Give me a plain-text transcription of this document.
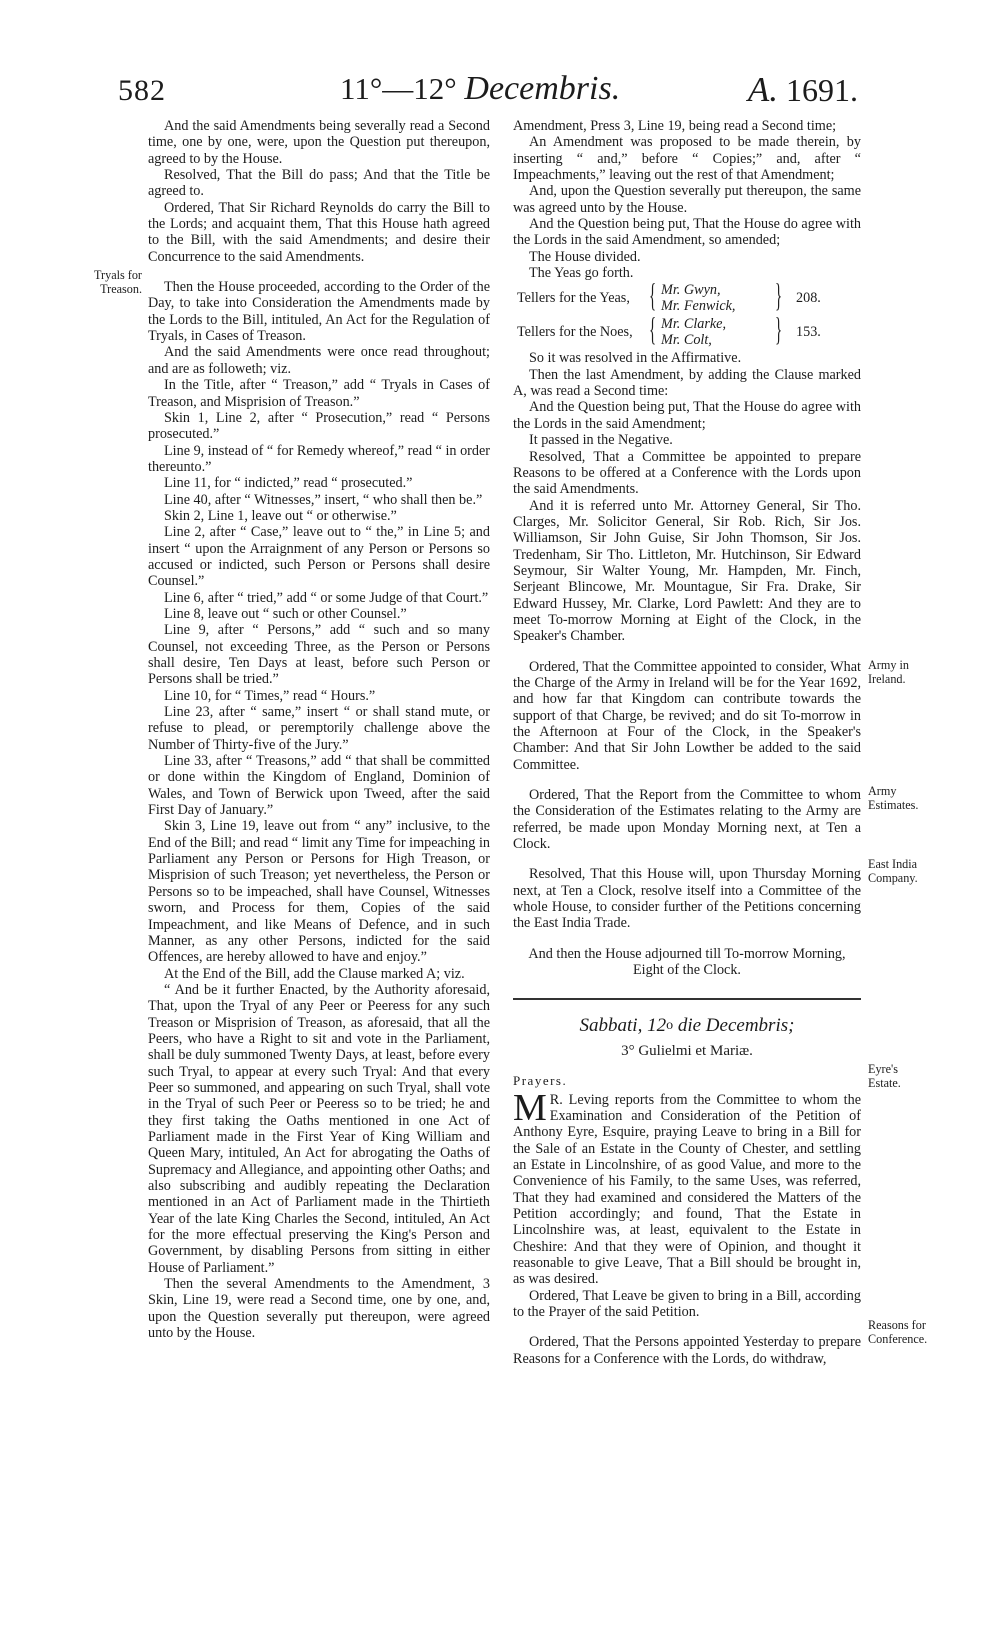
582	11°—12° Decembris.	A. 1691.
Tryals for
Treason.
Army in
Ireland.
Army
Estimates.
East India
Company.
Eyre's
Estate.
Reasons for
Conference.

And the said Amendments being severally read a Second time, one by one, were, upon the Question put thereupon, agreed to by the House.

Resolved, That the Bill do pass; And that the Title be agreed to.

Ordered, That Sir Richard Reynolds do carry the Bill to the Lords; and acquaint them, That this House hath agreed to the Bill, with the said Amendments; and desire their Concurrence to the said Amendments.

Then the House proceeded, according to the Order of the Day, to take into Consideration the Amendments made by the Lords to the Bill, intituled, An Act for the Regulation of Tryals, in Cases of Treason.

And the said Amendments were once read throughout; and are as followeth; viz.

In the Title, after “ Treason,” add “ Tryals in Cases of Treason, and Misprision of Treason.”

Skin 1, Line 2, after “ Prosecution,” read “ Persons prosecuted.”

Line 9, instead of “ for Remedy whereof,” read “ in order thereunto.”

Line 11, for “ indicted,” read “ prosecuted.”

Line 40, after “ Witnesses,” insert, “ who shall then be.”

Skin 2, Line 1, leave out “ or otherwise.”

Line 2, after “ Case,” leave out to “ the,” in Line 5; and insert “ upon the Arraignment of any Person or Persons so accused or indicted, such Person or Persons shall desire Counsel.”

Line 6, after “ tried,” add “ or some Judge of that Court.”

Line 8, leave out “ such or other Counsel.”

Line 9, after “ Persons,” add “ such and so many Counsel, not exceeding Three, as the Person or Persons shall desire, Ten Days at least, before such Person or Persons shall be tried.”

Line 10, for “ Times,” read “ Hours.”

Line 23, after “ same,” insert “ or shall stand mute, or refuse to plead, or peremptorily challenge above the Number of Thirty-five of the Jury.”

Line 33, after “ Treasons,” add “ that shall be committed or done within the Kingdom of England, Dominion of Wales, and Town of Berwick upon Tweed, after the said First Day of January.”

Skin 3, Line 19, leave out from “ any” inclusive, to the End of the Bill; and read “ limit any Time for impeaching in Parliament any Person or Persons for High Treason, or Misprision of such Treason; yet nevertheless, the Person or Persons so to be impeached, shall have Counsel, Witnesses sworn, and Process for them, Copies of the said Impeachment, and like Means of Defence, and in such Manner, as any other Persons, indicted for the said Offences, are hereby allowed to have and enjoy.”

At the End of the Bill, add the Clause marked A; viz.

“ And be it further Enacted, by the Authority aforesaid, That, upon the Tryal of any Peer or Peeress for any such Treason or Misprision of Treason, as aforesaid, that all the Peers, who have a Right to sit and vote in the Parliament, shall be duly summoned Twenty Days, at least, before every such Tryal, to appear at every such Tryal: And that every Peer so summoned, and appearing on such Tryal, shall vote in the Tryal of such Peer or Peeress so to be tried; he and they first taking the Oaths mentioned in one Act of Parliament made in the First Year of King William and Queen Mary, intituled, An Act for abrogating the Oaths of Supremacy and Allegiance, and appointing other Oaths; and also subscribing and audibly repeating the Declaration mentioned in an Act of Parliament made in the Thirtieth Year of the late King Charles the Second, intituled, An Act for the more effectual preserving the King's Person and Government, by disabling Persons from sitting in either House of Parliament.”

Then the several Amendments to the Amendment, 3 Skin, Line 19, were read a Second time, one by one, and, upon the Question severally put thereupon, were agreed unto by the House.

Amendment, Press 3, Line 19, being read a Second time;

An Amendment was proposed to be made therein, by inserting “ and,” before “ Copies;” and, after “ Impeachments,” leaving out the rest of that Amendment;

And, upon the Question severally put thereupon, the same was agreed unto by the House.

And the Question being put, That the House do agree with the Lords in the said Amendment, so amended;

The House divided.

The Yeas go forth.

Tellers for the Yeas, { Mr. Gwyn,
Mr. Fenwick, } 208.
Tellers for the Noes, { Mr. Clarke,
Mr. Colt,	} 153.

So it was resolved in the Affirmative.

Then the last Amendment, by adding the Clause marked A, was read a Second time:

And the Question being put, That the House do agree with the Lords in the said Amendment;

It passed in the Negative.

Resolved, That a Committee be appointed to prepare Reasons to be offered at a Conference with the Lords upon the said Amendments.

And it is referred unto Mr. Attorney General, Sir Tho. Clarges, Mr. Solicitor General, Sir Rob. Rich, Sir Jos. Williamson, Sir John Guise, Sir John Thomson, Sir Jos. Tredenham, Sir Tho. Littleton, Mr. Hutchinson, Sir Edward Seymour, Sir Walter Young, Mr. Hampden, Mr. Finch, Serjeant Blincowe, Mr. Mountague, Sir Fra. Drake, Sir Edward Hussey, Mr. Clarke, Lord Pawlett: And they are to meet To-morrow Morning at Eight of the Clock, in the Speaker's Chamber.

Ordered, That the Committee appointed to consider, What the Charge of the Army in Ireland will be for the Year 1692, and how far that Kingdom can contribute towards the support of that Charge, be revived; and do sit To-morrow in the Afternoon at Four of the Clock, in the Speaker's Chamber: And that Sir John Lowther be added to the said Committee.

Ordered, That the Report from the Committee to whom the Consideration of the Estimates relating to the Army are referred, be made upon Monday Morning next, at Ten a Clock.

Resolved, That this House will, upon Thursday Morning next, at Ten a Clock, resolve itself into a Committee of the whole House, to consider further of the Petitions concerning the East India Trade.

And then the House adjourned till To-morrow Morning, Eight of the Clock.

Sabbati, 12$^o$ die Decembris;
3° Gulielmi et Mariæ.
Prayers.

M R. Leving reports from the Committee to whom the Examination and Consideration of the Petition of Anthony Eyre, Esquire, praying Leave to bring in a Bill for the Sale of an Estate in the County of Chester, and settling an Estate in Lincolnshire, of as good Value, and more to the Convenience of his Family, to the same Uses, was referred, That they had examined and considered the Matters of the Petition accordingly; and found, That the Estate in Lincolnshire was, at least, equivalent to the Estate in Cheshire: And that they were of Opinion, and thought it reasonable to give Leave, That a Bill should be brought in, as was desired.

Ordered, That Leave be given to bring in a Bill, according to the Prayer of the said Petition.

Ordered, That the Persons appointed Yesterday to prepare Reasons for a Conference with the Lords, do withdraw,
